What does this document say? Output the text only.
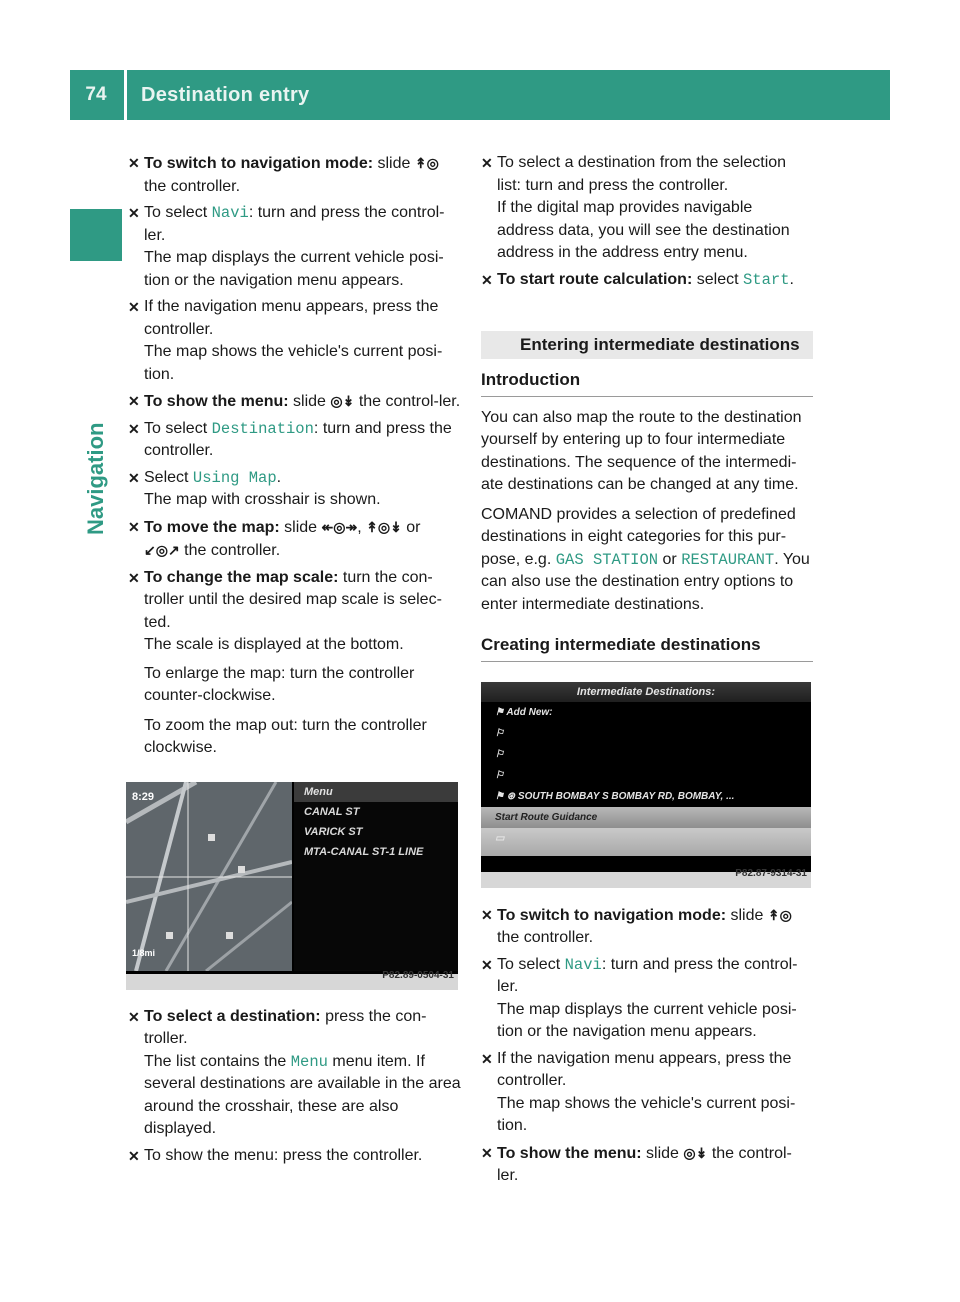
74	Destination entry
Navigation
✕ To switch to navigation mode: slide ↟◎ the controller.
✕ To select Navi: turn and press the control-ler.
The map displays the current vehicle posi-tion or the navigation menu appears.
✕ If the navigation menu appears, press the controller.
The map shows the vehicle's current posi-tion.
✕ To show the menu: slide ◎↡ the control-ler.
✕ To select Destination: turn and press the controller.
✕ Select Using Map.
The map with crosshair is shown.
✕ To move the map: slide ↞◎↠, ↟◎↡ or
↙◎↗ the controller.
✕ To change the map scale: turn the con-troller until the desired map scale is selec-ted.
The scale is displayed at the bottom.
To enlarge the map: turn the controller counter-clockwise.
To zoom the map out: turn the controller clockwise.
8:29
1/8mi
Menu
CANAL ST
VARICK ST
MTA-CANAL ST-1 LINE
P82.89-0504-31
✕ To select a destination: press the con-troller.
The list contains the Menu menu item. If several destinations are available in the area around the crosshair, these are also displayed.
✕ To show the menu: press the controller.
✕ To select a destination from the selection list: turn and press the controller.
If the digital map provides navigable address data, you will see the destination address in the address entry menu.
✕ To start route calculation: select Start.
Entering intermediate destinations
Introduction
You can also map the route to the destination yourself by entering up to four intermediate destinations. The sequence of the intermedi-ate destinations can be changed at any time.
COMAND provides a selection of predefined destinations in eight categories for this pur-pose, e.g. GAS STATION or RESTAURANT. You can also use the destination entry options to enter intermediate destinations.
Creating intermediate destinations
Intermediate Destinations:
⚑ Add New:
⚐
⚐
⚐
⚑ ⊛ SOUTH BOMBAY S BOMBAY RD, BOMBAY, ...
Start Route Guidance
▭
P82.87-9314-31
✕ To switch to navigation mode: slide ↟◎ the controller.
✕ To select Navi: turn and press the control-ler.
The map displays the current vehicle posi-tion or the navigation menu appears.
✕ If the navigation menu appears, press the controller.
The map shows the vehicle's current posi-tion.
✕ To show the menu: slide ◎↡ the control-ler.
